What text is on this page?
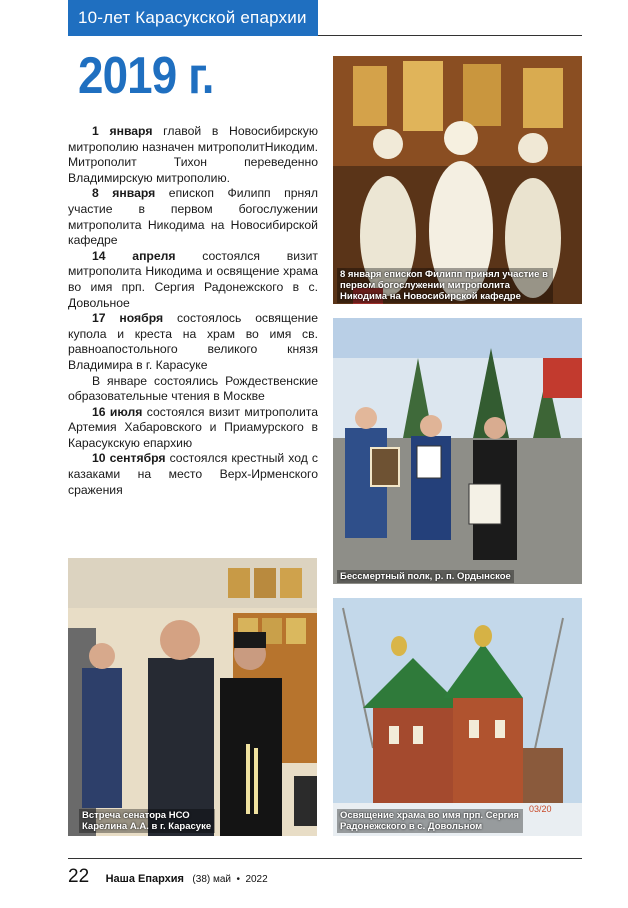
10-лет Карасукской епархии
2019 г.

1 января главой в Новосибирскую митрополию назначен митрополитНикодим. Митрополит Тихон переведенно Владимирскую митрополию.

8 января епископ Филипп прнял участие в первом богослужении митрополита Никодима на Новосибирской кафедре

14 апреля состоялся визит митрополита Никодима и освящение храма во имя прп. Сергия Радонежского в с. Довольное

17 ноября состоялось освящение купола и креста на храм во имя св. равноапостольного великого князя Владимира в г. Карасуке

В январе состоялись Рождественские образовательные чтения в Москве

16 июля состоялся визит митрополита Артемия Хабаровского и Приамурского в Карасукскую епархию

10 сентября состоялся крестный ход с казаками на место Верх-Ирменского сражения

8 января епископ Филипп принял участие в первом богослужении митрополита Никодима на Новосибирской кафедре
Бессмертный полк, р. п. Ордынское
Встреча сенатора НСО Карелина А.А. в г. Карасуке
03/20
Освящение храма во имя прп. Сергия Радонежского в с. Довольном
22 Наша Епархия (38) май • 2022
